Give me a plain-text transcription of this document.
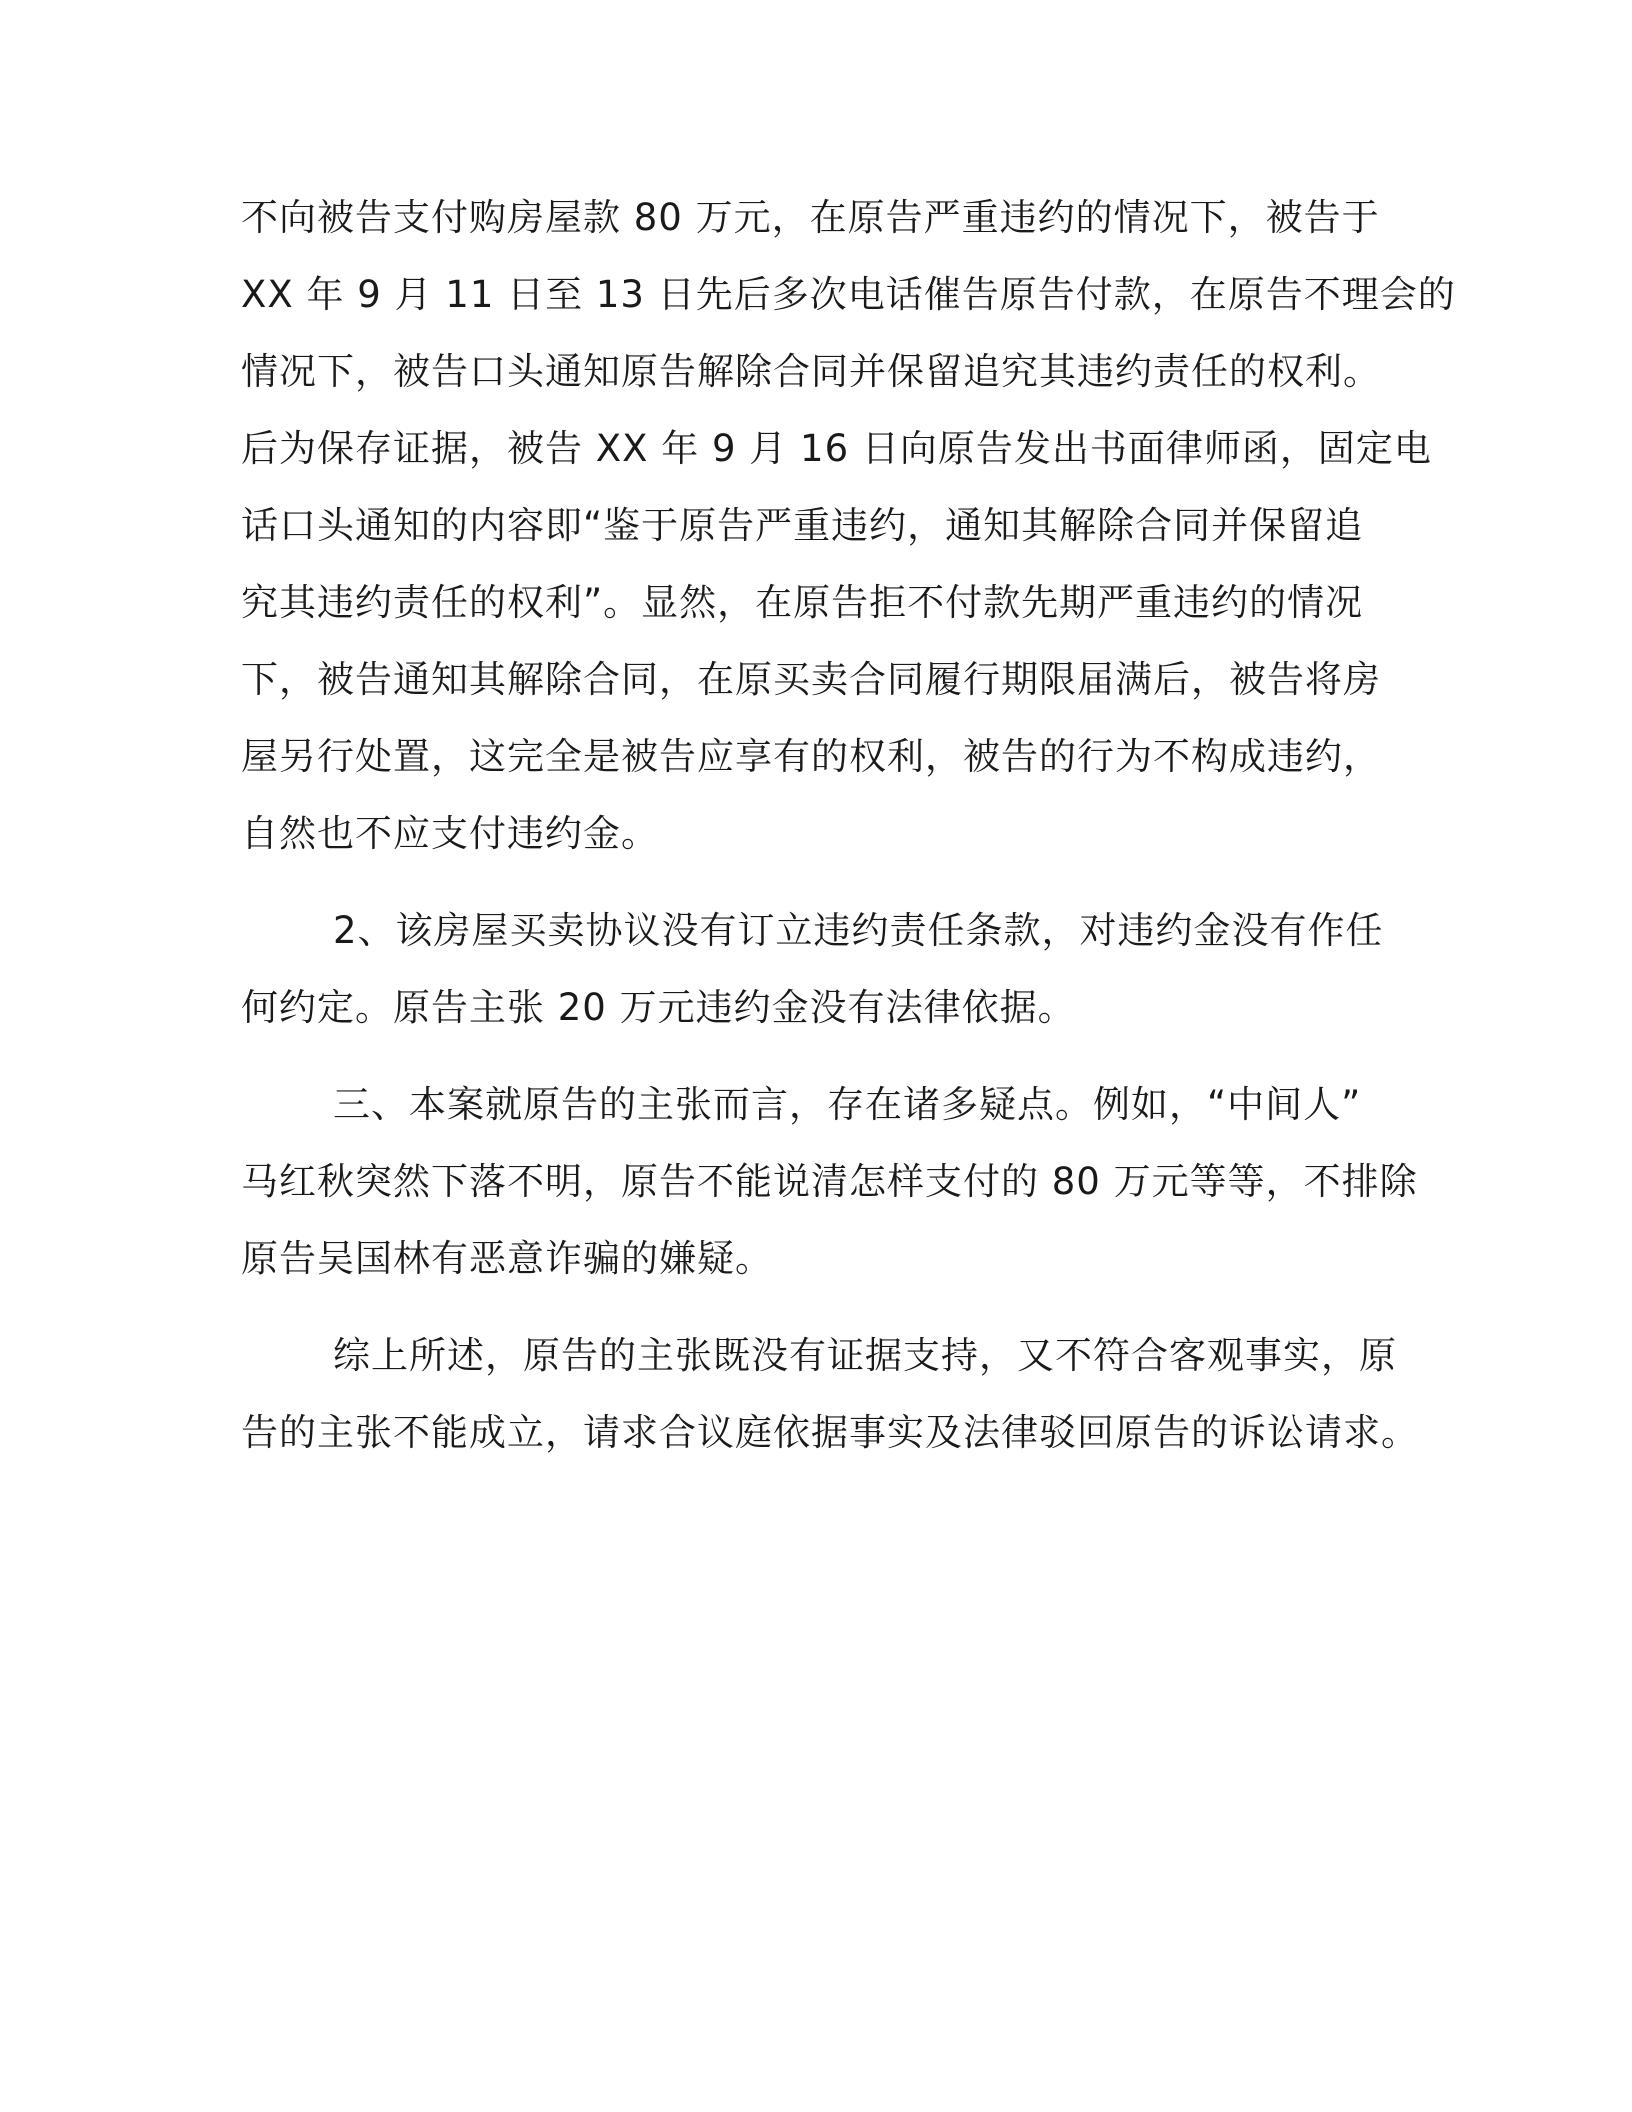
不向被告支付购房屋款 80 万元，在原告严重违约的情况下，被告于
XX 年 9 月 11 日至 13 日先后多次电话催告原告付款，在原告不理会的
情况下，被告口头通知原告解除合同并保留追究其违约责任的权利。
后为保存证据，被告 XX 年 9 月 16 日向原告发出书面律师函，固定电
话口头通知的内容即“鉴于原告严重违约，通知其解除合同并保留追
究其违约责任的权利”。显然，在原告拒不付款先期严重违约的情况
下，被告通知其解除合同，在原买卖合同履行期限届满后，被告将房
屋另行处置，这完全是被告应享有的权利，被告的行为不构成违约，
自然也不应支付违约金。
2、该房屋买卖协议没有订立违约责任条款，对违约金没有作任
何约定。原告主张 20 万元违约金没有法律依据。
三、本案就原告的主张而言，存在诸多疑点。例如，“中间人”
马红秋突然下落不明，原告不能说清怎样支付的 80 万元等等，不排除
原告吴国林有恶意诈骗的嫌疑。
综上所述，原告的主张既没有证据支持，又不符合客观事实，原
告的主张不能成立，请求合议庭依据事实及法律驳回原告的诉讼请求。
